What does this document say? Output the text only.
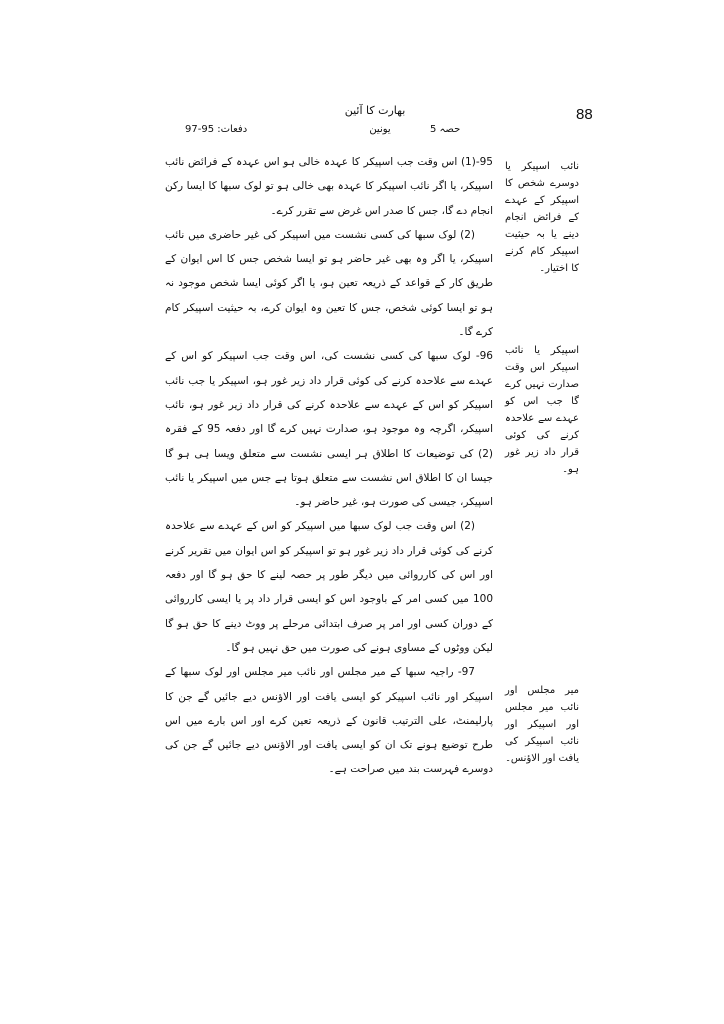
88
بھارت کا آئین
دفعات: 95-97	یونین	حصہ 5

95-(1) اس وقت جب اسپیکر کا عہدہ خالی ہو اس عہدہ کے فرائض نائب اسپیکر، یا اگر نائب اسپیکر کا عہدہ بھی خالی ہو تو لوک سبھا کا ایسا رکن انجام دے گا، جس کا صدر اس غرض سے تقرر کرے۔

(2) لوک سبھا کی کسی نشست میں اسپیکر کی غیر حاضری میں نائب اسپیکر، یا اگر وہ بھی غیر حاضر ہو تو ایسا شخص جس کا اس ایوان کے طریق کار کے قواعد کے ذریعہ تعین ہو، یا اگر کوئی ایسا شخص موجود نہ ہو تو ایسا کوئی شخص، جس کا تعین وہ ایوان کرے، بہ حیثیت اسپیکر کام کرے گا۔

96- لوک سبھا کی کسی نشست کی، اس وقت جب اسپیکر کو اس کے عہدے سے علاحدہ کرنے کی کوئی قرار داد زیر غور ہو، اسپیکر یا جب نائب اسپیکر کو اس کے عہدے سے علاحدہ کرنے کی قرار داد زیر غور ہو، نائب اسپیکر، اگرچہ وہ موجود ہو، صدارت نہیں کرے گا اور دفعہ 95 کے فقرہ (2) کی توضیعات کا اطلاق ہر ایسی نشست سے متعلق ویسا ہی ہو گا جیسا ان کا اطلاق اس نشست سے متعلق ہوتا ہے جس میں اسپیکر یا نائب اسپیکر، جیسی کی صورت ہو، غیر حاضر ہو۔

(2) اس وقت جب لوک سبھا میں اسپیکر کو اس کے عہدے سے علاحدہ کرنے کی کوئی قرار داد زیر غور ہو تو اسپیکر کو اس ایوان میں تقریر کرنے اور اس کی کارروائی میں دیگر طور پر حصہ لینے کا حق ہو گا اور دفعہ 100 میں کسی امر کے باوجود اس کو ایسی قرار داد پر یا ایسی کارروائی کے دوران کسی اور امر پر صرف ابتدائی مرحلے پر ووٹ دینے کا حق ہو گا لیکن ووٹوں کے مساوی ہونے کی صورت میں حق نہیں ہو گا۔

97- راجیہ سبھا کے میر مجلس اور نائب میر مجلس اور لوک سبھا کے اسپیکر اور نائب اسپیکر کو ایسی یافت اور الاؤنس دیے جائیں گے جن کا پارلیمنٹ، علی الترتیب قانون کے ذریعہ تعین کرے اور اس بارے میں اس طرح توضیع ہونے تک ان کو ایسی یافت اور الاؤنس دیے جائیں گے جن کی دوسرے فہرست بند میں صراحت ہے۔

نائب اسپیکر یا دوسرے شخص کا اسپیکر کے عہدے کے فرائض انجام دینے یا بہ حیثیت اسپیکر کام کرنے کا اختیار۔
اسپیکر یا نائب اسپیکر اس وقت صدارت نہیں کرے گا جب اس کو عہدے سے علاحدہ کرنے کی کوئی قرار داد زیر غور ہو۔
میر مجلس اور نائب میر مجلس اور اسپیکر اور نائب اسپیکر کی یافت اور الاؤنس۔
